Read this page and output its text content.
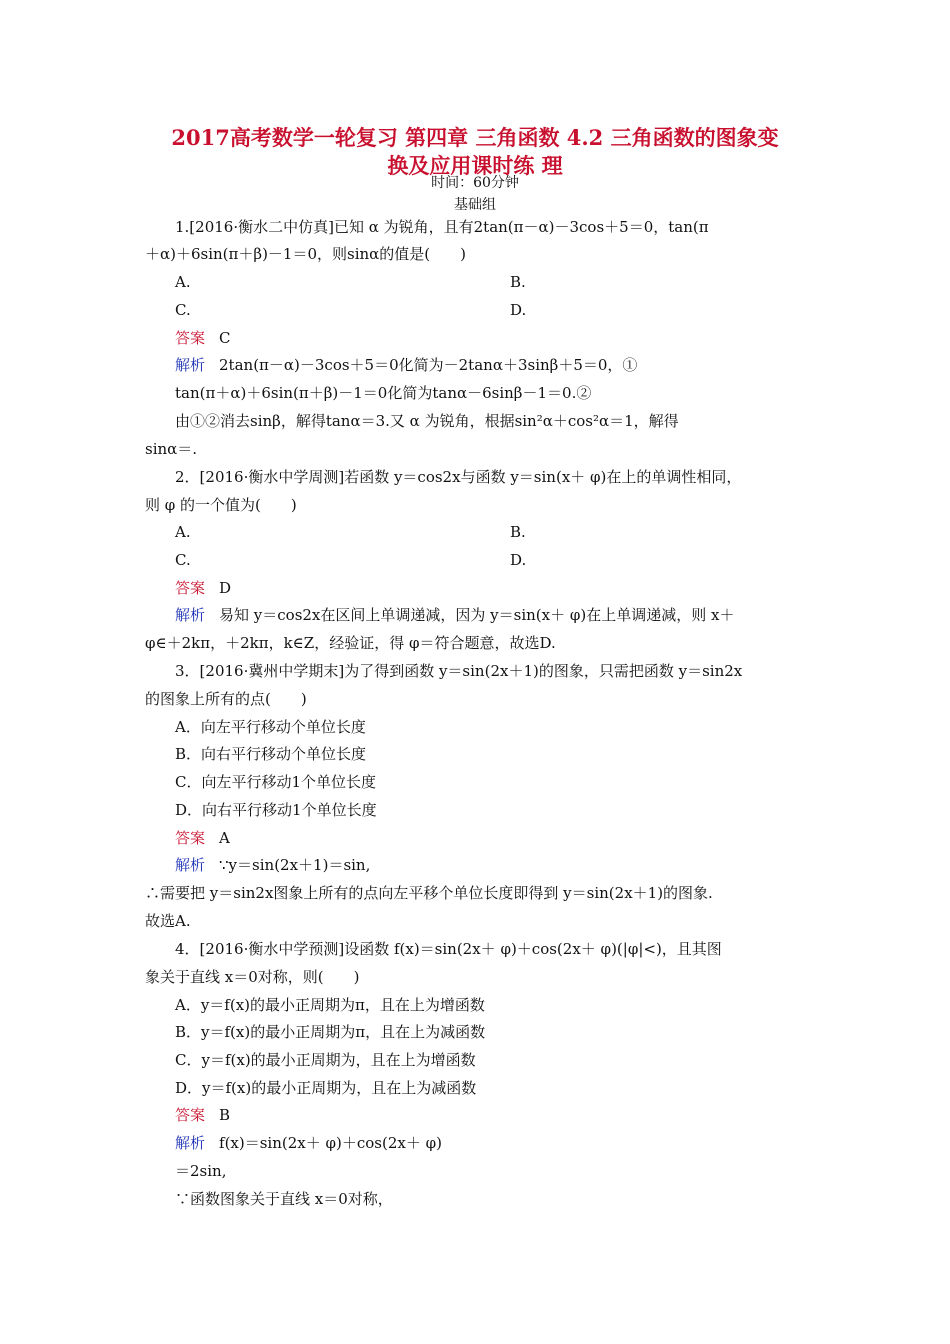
2017高考数学一轮复习 第四章 三角函数 4.2 三角函数的图象变
换及应用课时练 理
时间：60分钟
基础组
1.[2016·衡水二中仿真]已知 α 为锐角，且有2tan(π－α)－3cos＋5＝0，tan(π
＋α)＋6sin(π＋β)－1＝0，则sinα的值是(　　)
A.	B.
C.	D.
答案 C
解析 2tan(π－α)－3cos＋5＝0化简为－2tanα＋3sinβ＋5＝0，①
tan(π＋α)＋6sin(π＋β)－1＝0化简为tanα－6sinβ－1＝0.②
由①②消去sinβ，解得tanα＝3.又 α 为锐角，根据sin²α＋cos²α＝1，解得
sinα＝.
2．[2016·衡水中学周测]若函数 y＝cos2x与函数 y＝sin(x＋ φ)在上的单调性相同，
则 φ 的一个值为(　　)
A.	B.
C.	D.
答案 D
解析 易知 y＝cos2x在区间上单调递减，因为 y＝sin(x＋ φ)在上单调递减，则 x＋
φ∈＋2kπ，＋2kπ，k∈Z，经验证，得 φ＝符合题意，故选D.
3．[2016·冀州中学期末]为了得到函数 y＝sin(2x＋1)的图象，只需把函数 y＝sin2x
的图象上所有的点(　　)
A．向左平行移动个单位长度
B．向右平行移动个单位长度
C．向左平行移动1个单位长度
D．向右平行移动1个单位长度
答案 A
解析 ∵y＝sin(2x＋1)＝sin,
∴需要把 y＝sin2x图象上所有的点向左平移个单位长度即得到 y＝sin(2x＋1)的图象.
故选A.
4．[2016·衡水中学预测]设函数 f(x)＝sin(2x＋ φ)＋cos(2x＋ φ)(|φ|<)，且其图
象关于直线 x＝0对称，则(　　)
A．y＝f(x)的最小正周期为π，且在上为增函数
B．y＝f(x)的最小正周期为π，且在上为减函数
C．y＝f(x)的最小正周期为，且在上为增函数
D．y＝f(x)的最小正周期为，且在上为减函数
答案 B
解析 f(x)＝sin(2x＋ φ)＋cos(2x＋ φ)
＝2sin,
∵函数图象关于直线 x＝0对称，
